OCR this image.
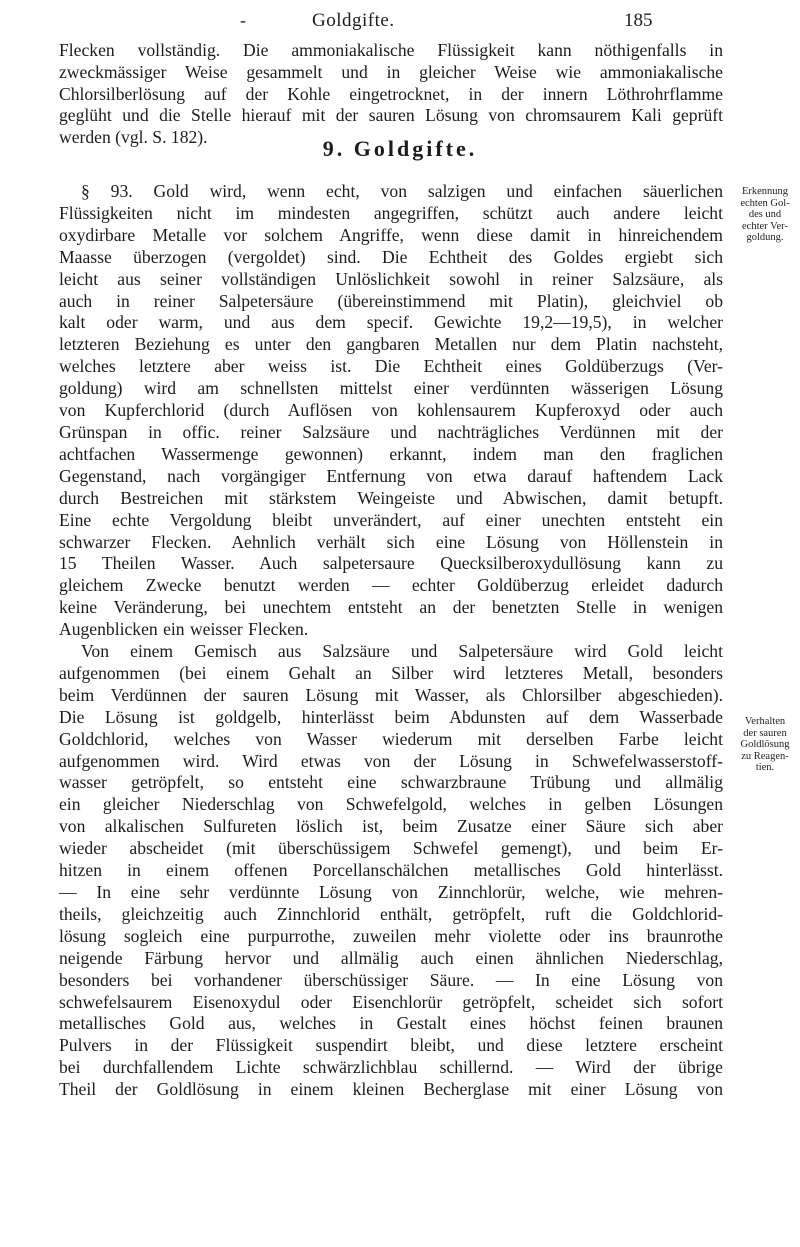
-	Goldgifte.	185
Flecken vollständig. Die ammoniakalische Flüssigkeit kann nöthigenfalls in
zweckmässiger Weise gesammelt und in gleicher Weise wie ammoniakalische
Chlorsilberlösung auf der Kohle eingetrocknet, in der innern Löthrohrflamme
geglüht und die Stelle hierauf mit der sauren Lösung von chromsaurem Kali geprüft
werden (vgl. S. 182).	9. Goldgifte.
§ 93. Gold wird, wenn echt, von salzigen und einfachen säuerlichen
Flüssigkeiten nicht im mindesten angegriffen, schützt auch andere leicht
oxydirbare Metalle vor solchem Angriffe, wenn diese damit in hinreichendem
Maasse überzogen (vergoldet) sind. Die Echtheit des Goldes ergiebt sich
leicht aus seiner vollständigen Unlöslichkeit sowohl in reiner Salzsäure, als
auch in reiner Salpetersäure (übereinstimmend mit Platin), gleichviel ob
kalt oder warm, und aus dem specif. Gewichte 19,2—19,5), in welcher
letzteren Beziehung es unter den gangbaren Metallen nur dem Platin nachsteht,
welches letztere aber weiss ist. Die Echtheit eines Goldüberzugs (Ver-
goldung) wird am schnellsten mittelst einer verdünnten wässerigen Lösung
von Kupferchlorid (durch Auflösen von kohlensaurem Kupferoxyd oder auch
Grünspan in offic. reiner Salzsäure und nachträgliches Verdünnen mit der
achtfachen Wassermenge gewonnen) erkannt, indem man den fraglichen
Gegenstand, nach vorgängiger Entfernung von etwa darauf haftendem Lack
durch Bestreichen mit stärkstem Weingeiste und Abwischen, damit betupft.
Eine echte Vergoldung bleibt unverändert, auf einer unechten entsteht ein
schwarzer Flecken. Aehnlich verhält sich eine Lösung von Höllenstein in
15 Theilen Wasser. Auch salpetersaure Quecksilberoxydullösung kann zu
gleichem Zwecke benutzt werden — echter Goldüberzug erleidet dadurch
keine Veränderung, bei unechtem entsteht an der benetzten Stelle in wenigen
Augenblicken ein weisser Flecken.
Von einem Gemisch aus Salzsäure und Salpetersäure wird Gold leicht
aufgenommen (bei einem Gehalt an Silber wird letzteres Metall, besonders
beim Verdünnen der sauren Lösung mit Wasser, als Chlorsilber abgeschieden).
Die Lösung ist goldgelb, hinterlässt beim Abdunsten auf dem Wasserbade
Goldchlorid, welches von Wasser wiederum mit derselben Farbe leicht
aufgenommen wird. Wird etwas von der Lösung in Schwefelwasserstoff-
wasser getröpfelt, so entsteht eine schwarzbraune Trübung und allmälig
ein gleicher Niederschlag von Schwefelgold, welches in gelben Lösungen
von alkalischen Sulfureten löslich ist, beim Zusatze einer Säure sich aber
wieder abscheidet (mit überschüssigem Schwefel gemengt), und beim Er-
hitzen in einem offenen Porcellanschälchen metallisches Gold hinterlässt.
— In eine sehr verdünnte Lösung von Zinnchlorür, welche, wie mehren-
theils, gleichzeitig auch Zinnchlorid enthält, getröpfelt, ruft die Goldchlorid-
lösung sogleich eine purpurrothe, zuweilen mehr violette oder ins braunrothe
neigende Färbung hervor und allmälig auch einen ähnlichen Niederschlag,
besonders bei vorhandener überschüssiger Säure. — In eine Lösung von
schwefelsaurem Eisenoxydul oder Eisenchlorür getröpfelt, scheidet sich sofort
metallisches Gold aus, welches in Gestalt eines höchst feinen braunen
Pulvers in der Flüssigkeit suspendirt bleibt, und diese letztere erscheint
bei durchfallendem Lichte schwärzlichblau schillernd. — Wird der übrige
Theil der Goldlösung in einem kleinen Becherglase mit einer Lösung von
Erkennung
echten Gol-
des und
echter Ver-
goldung.
Verhalten
der sauren
Goldlösung
zu Reagen-
tien.
